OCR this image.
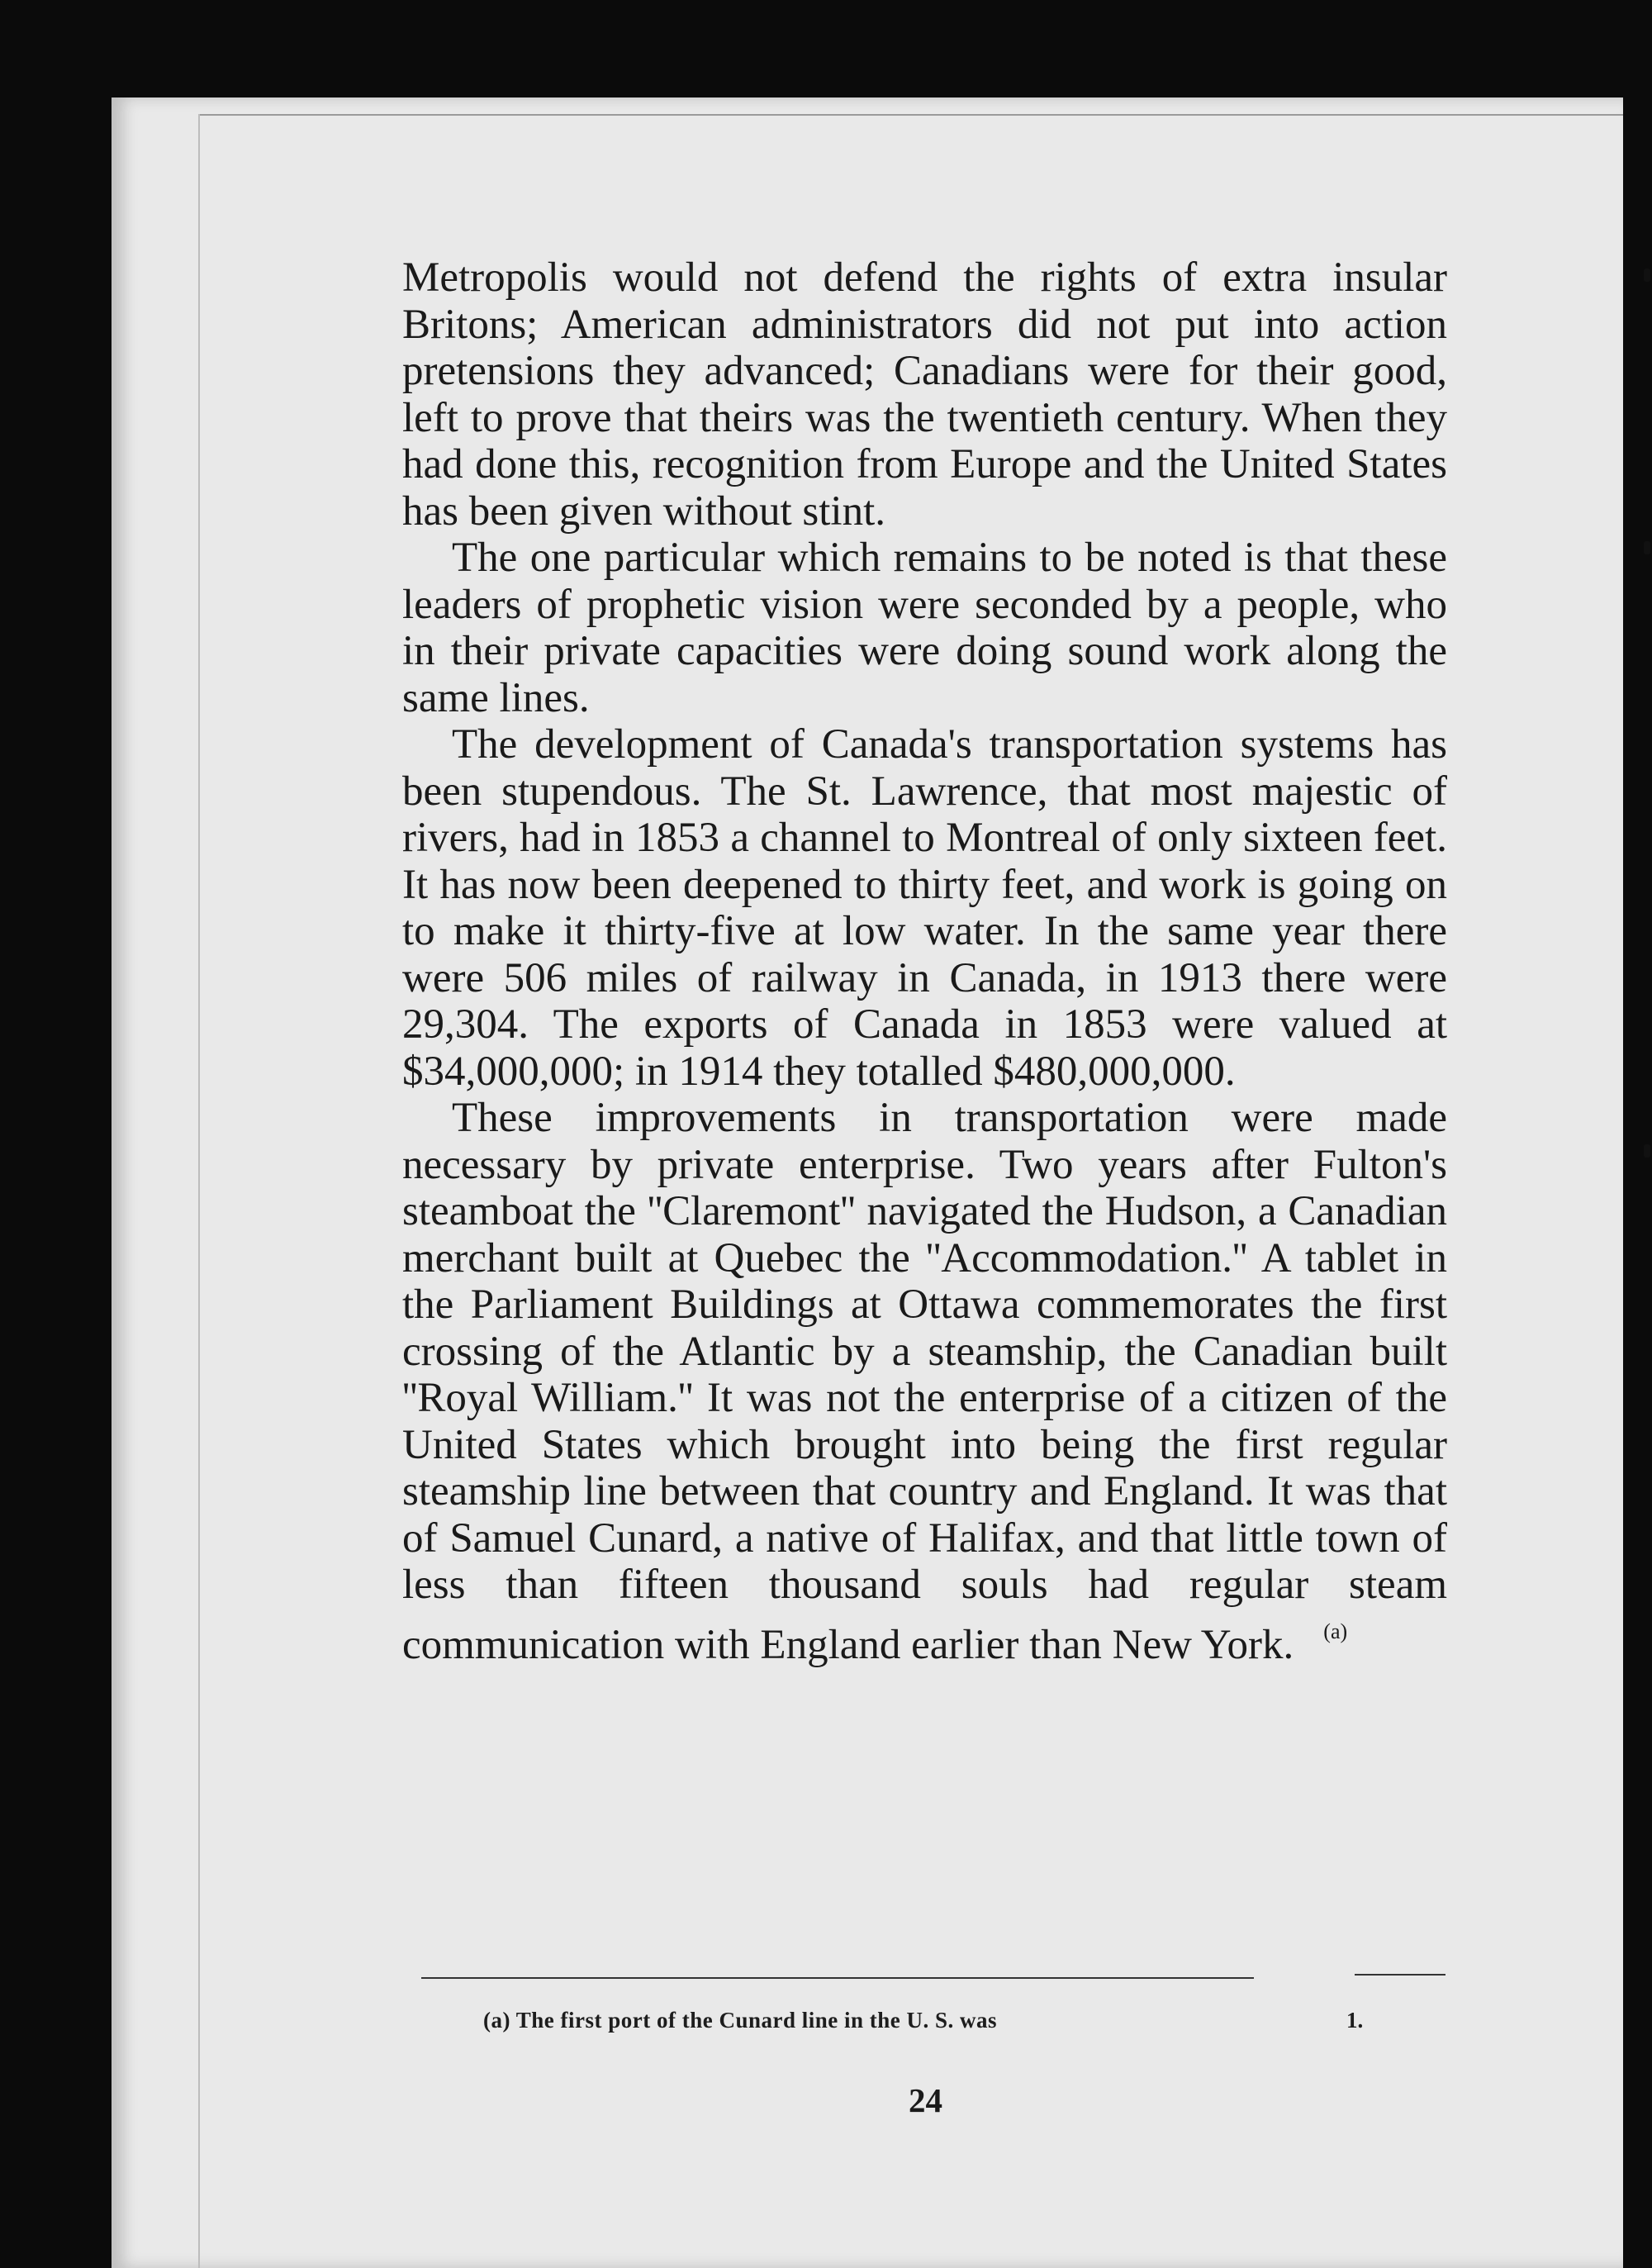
Metropolis would not defend the rights of extra insular Britons; American administrators did not put into action pretensions they advanced; Canadians were for their good, left to prove that theirs was the twentieth century. When they had done this, recognition from Europe and the United States has been given without stint.

The one particular which remains to be noted is that these leaders of prophetic vision were seconded by a people, who in their private capacities were doing sound work along the same lines.

The development of Canada's transportation systems has been stupendous. The St. Lawrence, that most majestic of rivers, had in 1853 a channel to Montreal of only sixteen feet. It has now been deepened to thirty feet, and work is going on to make it thirty-five at low water. In the same year there were 506 miles of railway in Canada, in 1913 there were 29,304. The exports of Canada in 1853 were valued at $34,000,000; in 1914 they totalled $480,000,000.

These improvements in transportation were made necessary by private enterprise. Two years after Fulton's steamboat the ''Claremont'' navigated the Hudson, a Canadian merchant built at Quebec the ''Accommodation.'' A tablet in the Parliament Buildings at Ottawa commemorates the first crossing of the Atlantic by a steamship, the Canadian built ''Royal William.'' It was not the enterprise of a citizen of the United States which brought into being the first regular steamship line between that country and England. It was that of Samuel Cunard, a native of Halifax, and that little town of less than fifteen thousand souls had regular steam communication with England earlier than New York. $^{(a)}$

(a) The first port of the Cunard line in the U. S. was	1.
24
